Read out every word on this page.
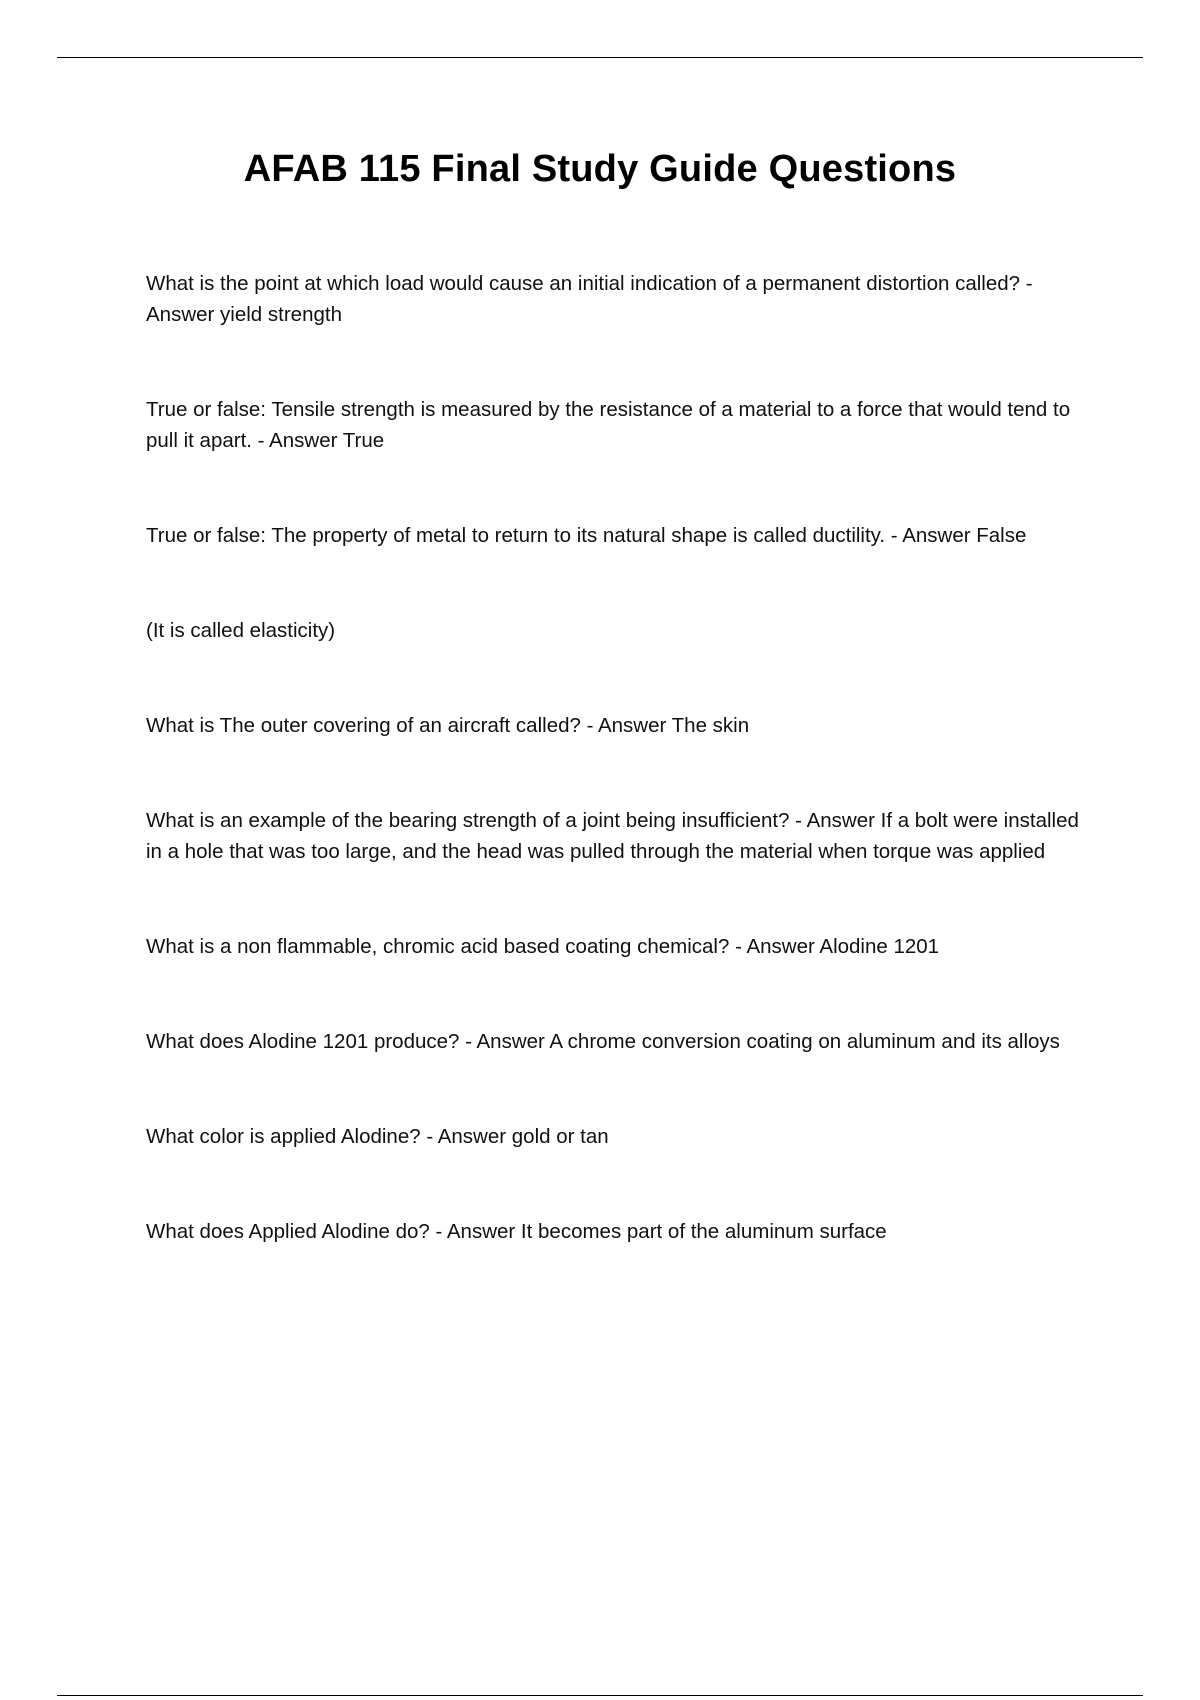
AFAB 115 Final Study Guide Questions
What is the point at which load would cause an initial indication of a permanent distortion called? - Answer yield strength
True or false: Tensile strength is measured by the resistance of a material to a force that would tend to pull it apart. - Answer True
True or false: The property of metal to return to its natural shape is called ductility. - Answer False
(It is called elasticity)
What is The outer covering of an aircraft called? - Answer The skin
What is an example of the bearing strength of a joint being insufficient? - Answer If a bolt were installed in a hole that was too large, and the head was pulled through the material when torque was applied
What is a non flammable, chromic acid based coating chemical? - Answer Alodine 1201
What does Alodine 1201 produce? - Answer A chrome conversion coating on aluminum and its alloys
What color is applied Alodine? - Answer gold or tan
What does Applied Alodine do? - Answer It becomes part of the aluminum surface
